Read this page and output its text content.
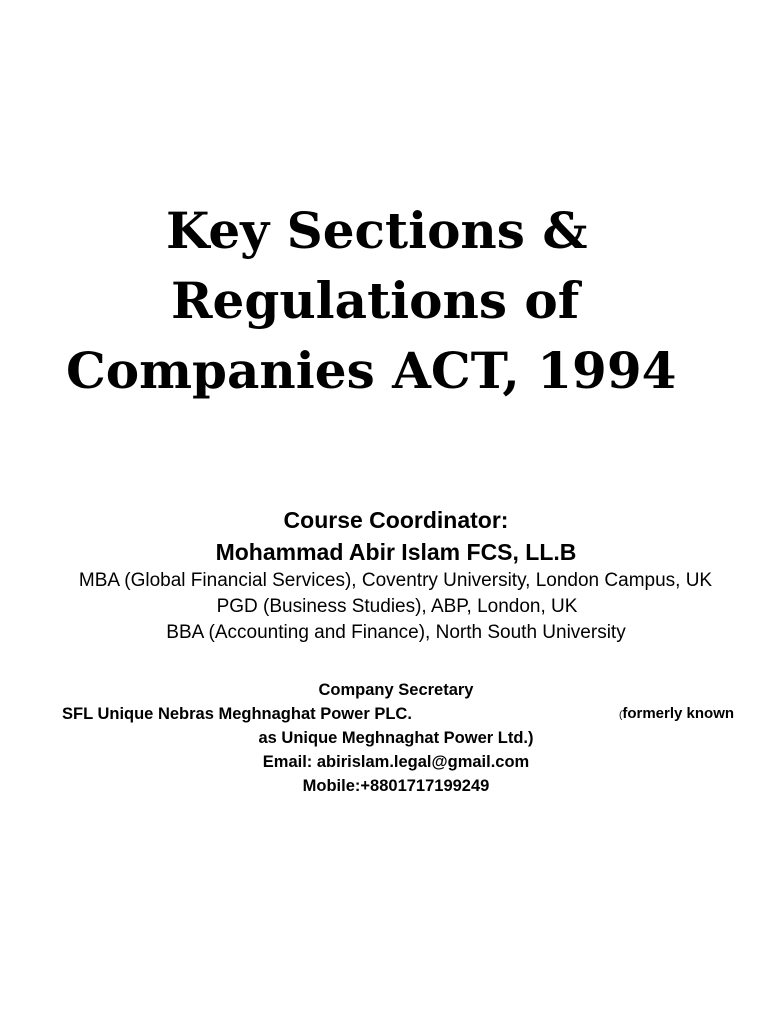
Key Sections &
Regulations of
Companies ACT, 1994
Course Coordinator:
Mohammad Abir Islam FCS, LL.B
MBA (Global Financial Services), Coventry University, London Campus, UK
PGD (Business Studies), ABP, London, UK
BBA (Accounting and Finance), North South University
Company Secretary
SFL Unique Nebras Meghnaghat Power PLC.	(formerly known
as Unique Meghnaghat Power Ltd.)
Email: abirislam.legal@gmail.com
Mobile:+8801717199249
